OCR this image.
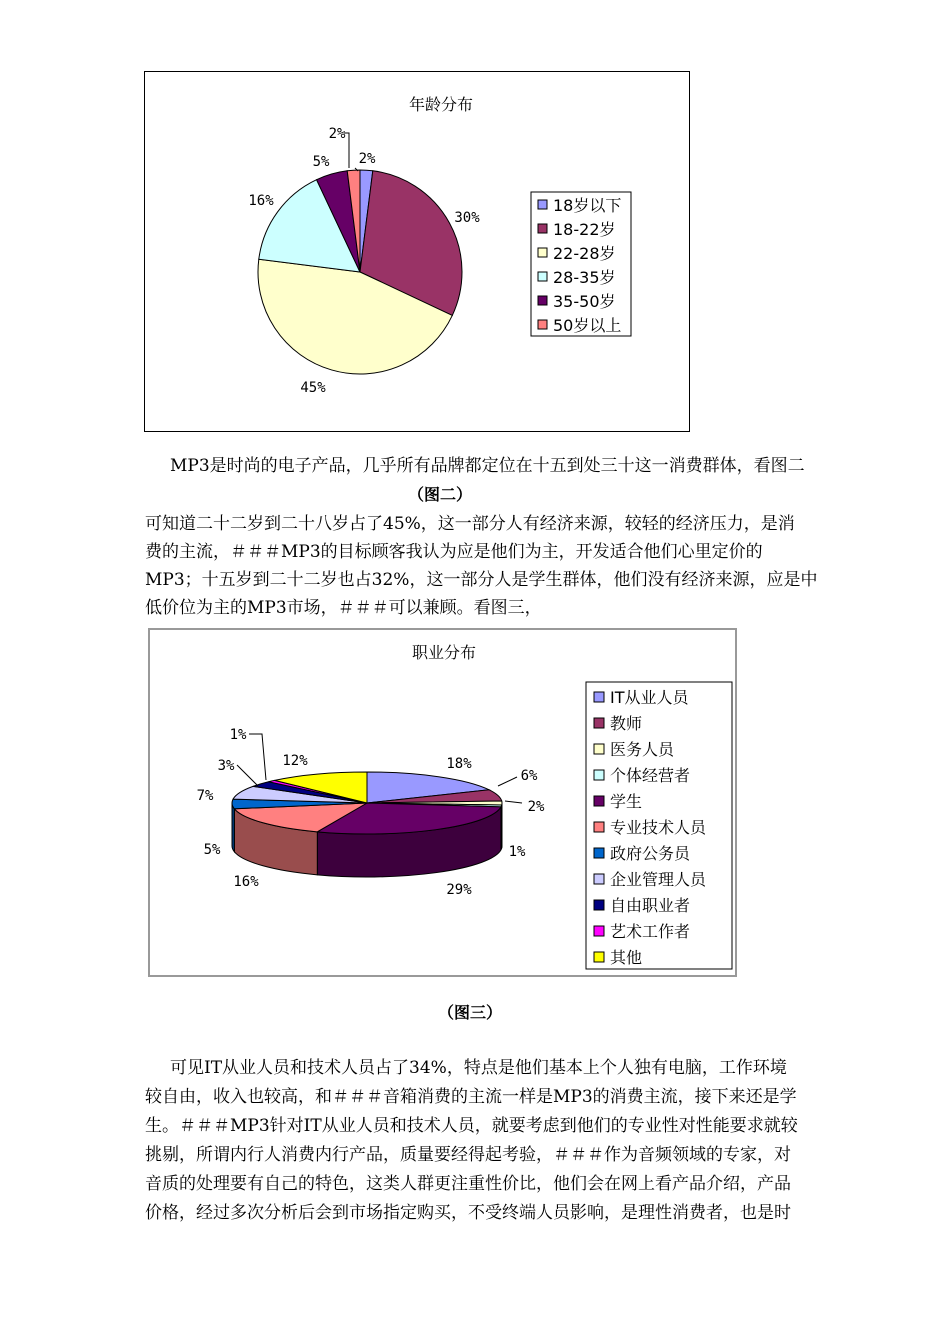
年龄分布
2%
30%
45%
16%
5%
2%
18岁以下
18-22岁
22-28岁
28-35岁
35-50岁
50岁以上
MP3是时尚的电子产品，几乎所有品牌都定位在十五到处三十这一消费群体，看图二
（图二）
可知道二十二岁到二十八岁占了45%，这一部分人有经济来源，较轻的经济压力，是消
费的主流，＃＃＃MP3的目标顾客我认为应是他们为主，开发适合他们心里定价的
MP3；十五岁到二十二岁也占32%，这一部分人是学生群体，他们没有经济来源，应是中
低价位为主的MP3市场，＃＃＃可以兼顾。看图三，
职业分布
18%
6%
2%
1%
29%
16%
5%
7%
3%
1%
12%
IT从业人员
教师
医务人员
个体经营者
学生
专业技术人员
政府公务员
企业管理人员
自由职业者
艺术工作者
其他
（图三）
可见IT从业人员和技术人员占了34%，特点是他们基本上个人独有电脑，工作环境
较自由，收入也较高，和＃＃＃音箱消费的主流一样是MP3的消费主流，接下来还是学
生。＃＃＃MP3针对IT从业人员和技术人员，就要考虑到他们的专业性对性能要求就较
挑剔，所谓内行人消费内行产品，质量要经得起考验，＃＃＃作为音频领域的专家，对
音质的处理要有自己的特色，这类人群更注重性价比，他们会在网上看产品介绍，产品
价格，经过多次分析后会到市场指定购买，不受终端人员影响，是理性消费者，也是时
